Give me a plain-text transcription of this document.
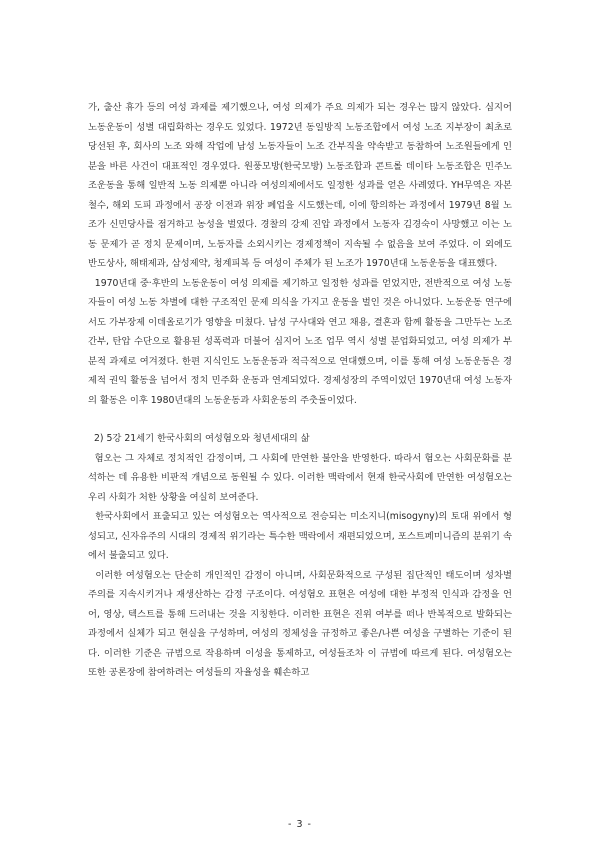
가, 출산 휴가 등의 여성 과제를 제기했으나, 여성 의제가 주요 의제가 되는 경우는 많지 않았다. 심지어 노동운동이 성별 대립화하는 경우도 있었다. 1972년 동일방직 노동조합에서 여성 노조 지부장이 최초로 당선된 후, 회사의 노조 와해 작업에 남성 노동자들이 노조 간부직을 약속받고 동참하여 노조원들에게 인분을 바른 사건이 대표적인 경우였다. 원풍모방(한국모방) 노동조합과 콘트롤 데이타 노동조합은 민주노조운동을 통해 일반적 노동 의제뿐 아니라 여성의제에서도 일정한 성과를 얻은 사례였다. YH무역은 자본 철수, 해외 도피 과정에서 공장 이전과 위장 폐업을 시도했는데, 이에 항의하는 과정에서 1979년 8월 노조가 신민당사를 점거하고 농성을 벌였다. 경찰의 강제 진압 과정에서 노동자 김경숙이 사망했고 이는 노동 문제가 곧 정치 문제이며, 노동자를 소외시키는 경제정책이 지속될 수 없음을 보여 주었다. 이 외에도 반도상사, 해태제과, 삼성제약, 청계피복 등 여성이 주체가 된 노조가 1970년대 노동운동을 대표했다.

1970년대 중·후반의 노동운동이 여성 의제를 제기하고 일정한 성과를 얻었지만, 전반적으로 여성 노동자들이 여성 노동 차별에 대한 구조적인 문제 의식을 가지고 운동을 벌인 것은 아니었다. 노동운동 연구에서도 가부장제 이데올로기가 영향을 미쳤다. 남성 구사대와 연고 채용, 결혼과 함께 활동을 그만두는 노조 간부, 탄압 수단으로 활용된 성폭력과 더불어 심지어 노조 업무 역시 성별 분업화되었고, 여성 의제가 부분적 과제로 여겨졌다. 한편 지식인도 노동운동과 적극적으로 연대했으며, 이를 통해 여성 노동운동은 경제적 권익 활동을 넘어서 정치 민주화 운동과 연계되었다. 경제성장의 주역이었던 1970년대 여성 노동자의 활동은 이후 1980년대의 노동운동과 사회운동의 주춧돌이었다.

2) 5강 21세기 한국사회의 여성혐오와 청년세대의 삶

혐오는 그 자체로 정치적인 감정이며, 그 사회에 만연한 불안을 반영한다. 따라서 혐오는 사회문화를 분석하는 데 유용한 비판적 개념으로 동원될 수 있다. 이러한 맥락에서 현재 한국사회에 만연한 여성혐오는 우리 사회가 처한 상황을 여실히 보여준다.

한국사회에서 표출되고 있는 여성혐오는 역사적으로 전승되는 미소지니(misogyny)의 토대 위에서 형성되고, 신자유주의 시대의 경제적 위기라는 특수한 맥락에서 재편되었으며, 포스트페미니즘의 분위기 속에서 불출되고 있다.

이러한 여성혐오는 단순히 개인적인 감정이 아니며, 사회문화적으로 구성된 집단적인 태도이며 성차별주의를 지속시키거나 재생산하는 감정 구조이다. 여성혐오 표현은 여성에 대한 부정적 인식과 감정을 언어, 영상, 텍스트를 통해 드러내는 것을 지칭한다. 이러한 표현은 진위 여부를 떠나 반복적으로 발화되는 과정에서 실체가 되고 현실을 구성하며, 여성의 정체성을 규정하고 좋은/나쁜 여성을 구별하는 기준이 된다. 이러한 기준은 규범으로 작용하며 이성을 통제하고, 여성들조차 이 규범에 따르게 된다. 여성혐오는 또한 공론장에 참여하려는 여성들의 자율성을 훼손하고

- 3 -
